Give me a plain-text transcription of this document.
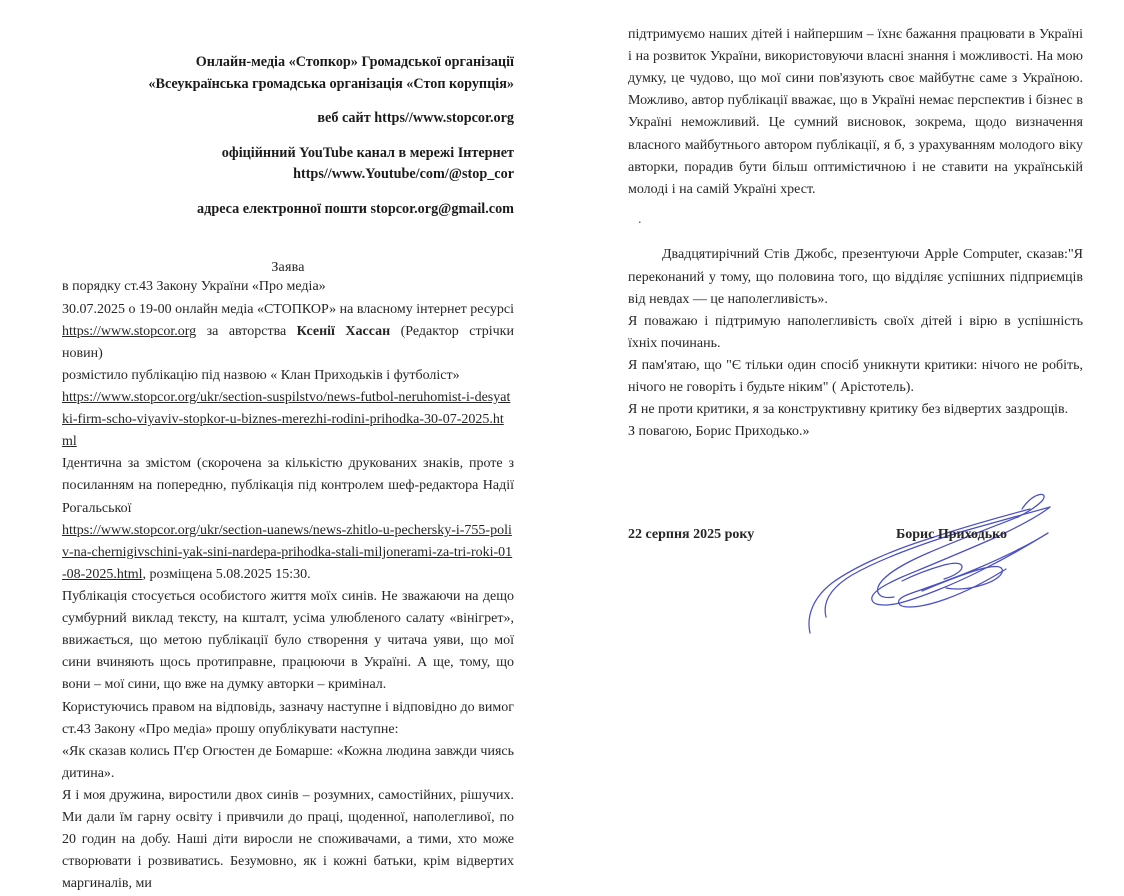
Онлайн-медіа «Стопкор» Громадської організації
«Всеукраїнська громадська організація «Стоп корупція»
веб сайт https//www.stopcor.org
офіційнний YouTube канал в мережі Інтернет
https//www.Youtube/com/@stop_cor
адреса електронної пошти stopcor.org@gmail.com
Заява

в порядку ст.43 Закону України «Про медіа»

30.07.2025 о 19-00 онлайн медіа «СТОПКОР» на власному інтернет ресурсі https://www.stopcor.org за авторства Ксенії Хассан (Редактор стрічки новин)

розмістило публікацію під назвою « Клан Приходьків і футболіст»

https://www.stopcor.org/ukr/section-suspilstvo/news-futbol-neruhomist-i-desyatki-firm-scho-viyaviv-stopkor-u-biznes-merezhi-rodini-prihodka-30-07-2025.html

Ідентична за змістом (скорочена за кількістю друкованих знаків, проте з посиланням на попередню, публікація під контролем шеф-редактора Надії Рогальської

https://www.stopcor.org/ukr/section-uanews/news-zhitlo-u-pechersky-i-755-poliv-na-chernigivschini-yak-sini-nardepa-prihodka-stali-miljonerami-za-tri-roki-01-08-2025.html, розміщена 5.08.2025 15:30.

Публікація стосується особистого життя моїх синів. Не зважаючи на дещо сумбурний виклад тексту, на кшталт, усіма улюбленого салату «вінігрет», ввижається, що метою публікації було створення у читача уяви, що мої сини вчиняють щось протиправне, працюючи в Україні. А ще, тому, що вони – мої сини, що вже на думку авторки – кримінал.

Користуючись правом на відповідь, зазначу наступне і відповідно до вимог ст.43 Закону «Про медіа» прошу опублікувати наступне:

«Як сказав колись П'єр Огюстен де Бомарше: «Кожна людина завжди чиясь дитина».

Я і моя дружина, виростили двох синів – розумних, самостійних, рішучих. Ми дали їм гарну освіту і привчили до праці, щоденної, наполегливої, по 20 годин на добу. Наші діти виросли не споживачами, а тими, хто може створювати і розвиватись. Безумовно, як і кожні батьки, крім відвертих маргиналів, ми

підтримуємо наших дітей і найпершим – їхнє бажання працювати в Україні і на розвиток України, використовуючи власні знання і можливості. На мою думку, це чудово, що мої сини пов'язують своє майбутнє саме з Україною. Можливо, автор публікації вважає, що в Україні немає перспектив і бізнес в Україні неможливий. Це сумний висновок, зокрема, щодо визначення власного майбутнього автором публікації, я б, з урахуванням молодого віку авторки, порадив бути більш оптимістичною і не ставити на українській молоді і на самій Україні хрест.

.

Двадцятирічний Стів Джобс, презентуючи Apple Computer, сказав:"Я переконаний у тому, що половина того, що відділяє успішних підприємців від невдах — це наполегливість».

Я поважаю і підтримую наполегливість своїх дітей і вірю в успішність їхніх починань.

Я пам'ятаю, що "Є тільки один спосіб уникнути критики: нічого не робіть, нічого не говоріть і будьте ніким" ( Арістотель).

Я не проти критики, я за конструктивну критику без відвертих заздрощів.

З повагою, Борис Приходько.»

22 серпня 2025 року	Борис Приходько
